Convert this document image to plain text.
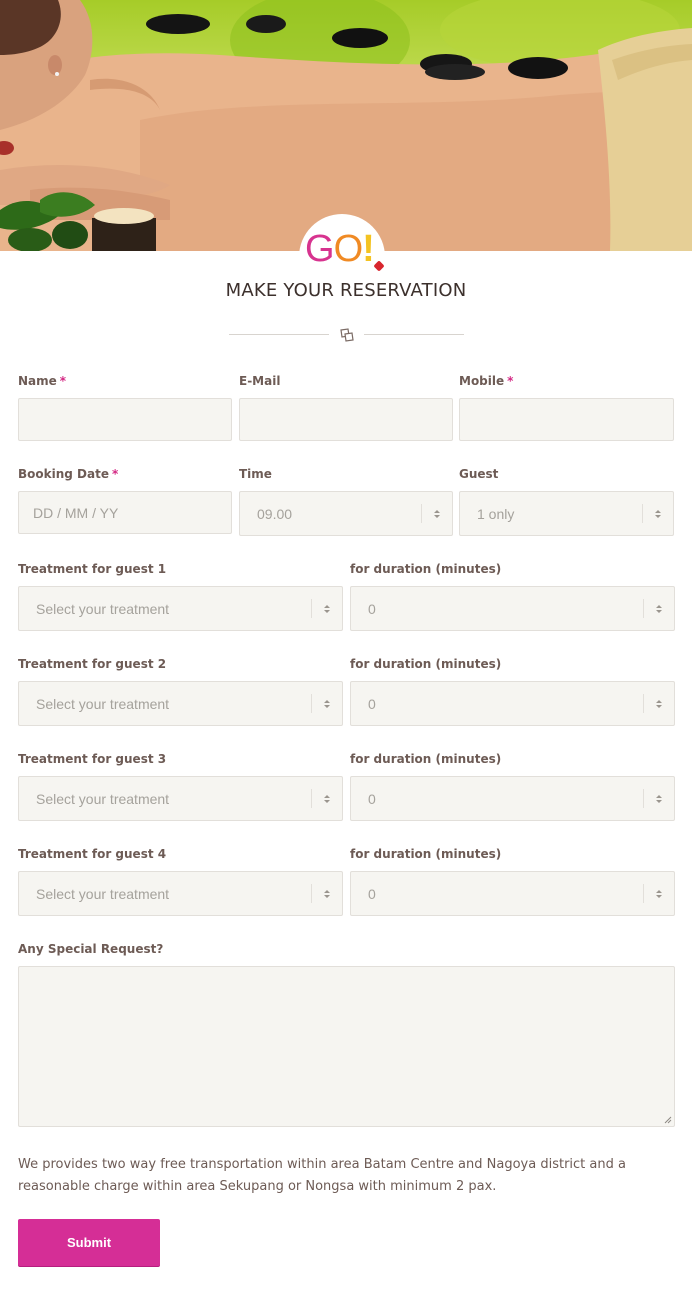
GO!
MAKE YOUR RESERVATION
Name *	E-Mail	Mobile *
Booking Date *
DD / MM / YY
Time
09.00
Guest
1 only
Treatment for guest 1
Select your treatment
for duration (minutes)
0
Treatment for guest 2
Select your treatment
for duration (minutes)
0
Treatment for guest 3
Select your treatment
for duration (minutes)
0
Treatment for guest 4
Select your treatment
for duration (minutes)
0
Any Special Request?
We provides two way free transportation within area Batam Centre and Nagoya district and a reasonable charge within area Sekupang or Nongsa with minimum 2 pax.
Submit
